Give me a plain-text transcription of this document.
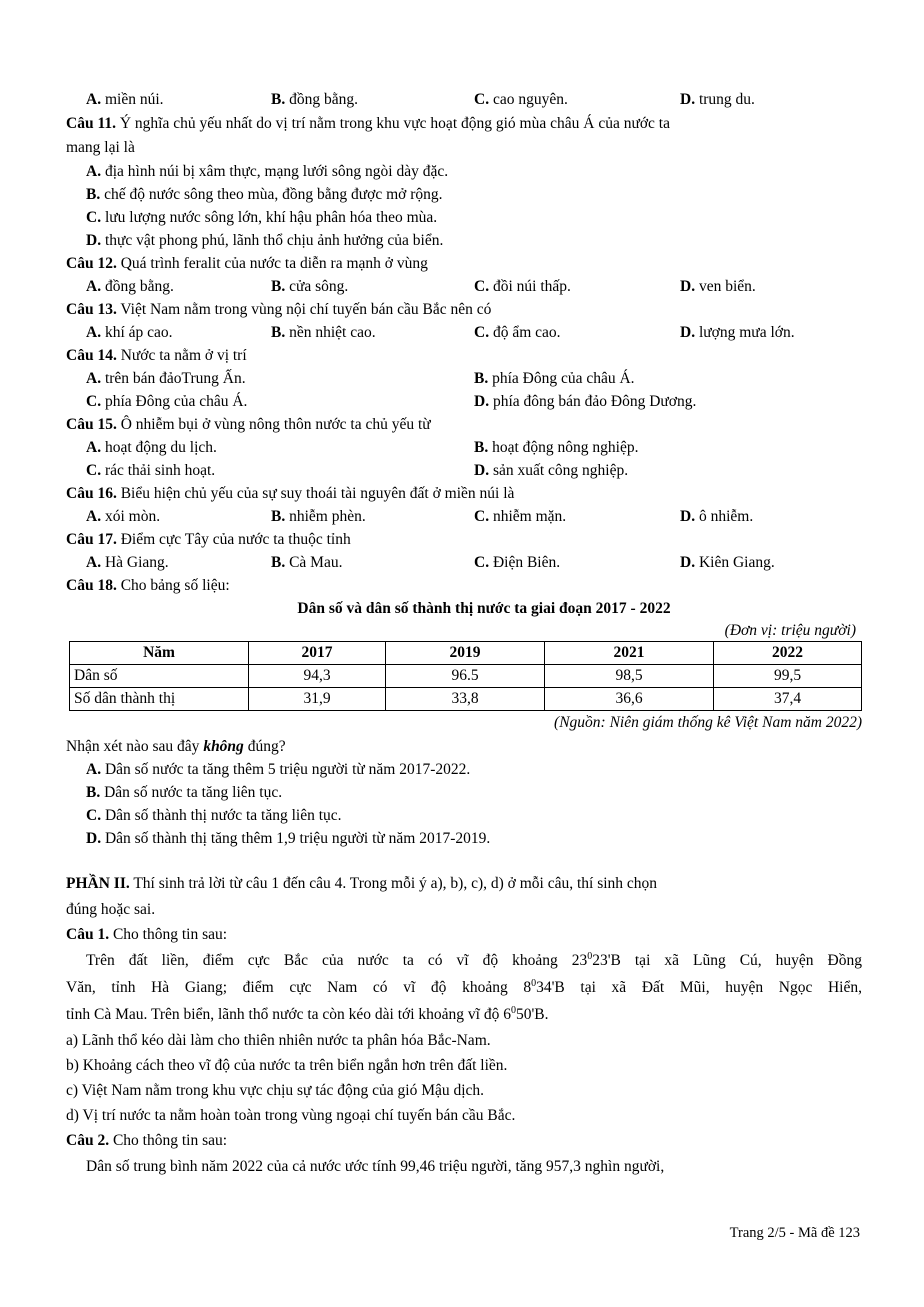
A. miền núi.	B. đồng bằng.	C. cao nguyên.	D. trung du.
Câu 11. Ý nghĩa chủ yếu nhất do vị trí nằm trong khu vực hoạt động gió mùa châu Á của nước ta
mang lại là
A. địa hình núi bị xâm thực, mạng lưới sông ngòi dày đặc.
B. chế độ nước sông theo mùa, đồng bằng được mở rộng.
C. lưu lượng nước sông lớn, khí hậu phân hóa theo mùa.
D. thực vật phong phú, lãnh thổ chịu ảnh hưởng của biển.
Câu 12. Quá trình feralit của nước ta diễn ra mạnh ở vùng
A. đồng bằng.	B. cửa sông.	C. đồi núi thấp.	D. ven biển.
Câu 13. Việt Nam nằm trong vùng nội chí tuyến bán cầu Bắc nên có
A. khí áp cao.	B. nền nhiệt cao.	C. độ ẩm cao.	D. lượng mưa lớn.
Câu 14. Nước ta nằm ở vị trí
A. trên bán đảoTrung Ấn.	B. phía Đông của châu Á.
C. phía Đông của châu Á.	D. phía đông bán đảo Đông Dương.
Câu 15. Ô nhiễm bụi ở vùng nông thôn nước ta chủ yếu từ
A. hoạt động du lịch.	B. hoạt động nông nghiệp.
C. rác thải sinh hoạt.	D. sản xuất công nghiệp.
Câu 16. Biểu hiện chủ yếu của sự suy thoái tài nguyên đất ở miền núi là
A. xói mòn.	B. nhiễm phèn.	C. nhiễm mặn.	D. ô nhiễm.
Câu 17. Điểm cực Tây của nước ta thuộc tỉnh
A. Hà Giang.	B. Cà Mau.	C. Điện Biên.	D. Kiên Giang.
Câu 18. Cho bảng số liệu:
Dân số và dân số thành thị nước ta giai đoạn 2017 - 2022
(Đơn vị: triệu người)
Năm	2017	2019	2021	2022
Dân số	94,3	96.5	98,5	99,5
Số dân thành thị	31,9	33,8	36,6	37,4
(Nguồn: Niên giám thống kê Việt Nam năm 2022)
Nhận xét nào sau đây không đúng?
A. Dân số nước ta tăng thêm 5 triệu người từ năm 2017-2022.
B. Dân số nước ta tăng liên tục.
C. Dân số thành thị nước ta tăng liên tục.
D. Dân số thành thị tăng thêm 1,9 triệu người từ năm 2017-2019.
PHẦN II. Thí sinh trả lời từ câu 1 đến câu 4. Trong mỗi ý a), b), c), d) ở mỗi câu, thí sinh chọn
đúng hoặc sai.
Câu 1. Cho thông tin sau:
Trên đất liền, điểm cực Bắc của nước ta có vĩ độ khoảng $23^023'B$ tại xã Lũng Cú, huyện Đồng
Văn, tỉnh Hà Giang; điểm cực Nam có vĩ độ khoảng $8^034'B$ tại xã Đất Mũi, huyện Ngọc Hiển,
tỉnh Cà Mau. Trên biển, lãnh thổ nước ta còn kéo dài tới khoảng vĩ độ $6^050'B$.
a) Lãnh thổ kéo dài làm cho thiên nhiên nước ta phân hóa Bắc-Nam.
b) Khoảng cách theo vĩ độ của nước ta trên biển ngắn hơn trên đất liền.
c) Việt Nam nằm trong khu vực chịu sự tác động của gió Mậu dịch.
d) Vị trí nước ta nằm hoàn toàn trong vùng ngoại chí tuyến bán cầu Bắc.
Câu 2. Cho thông tin sau:
Dân số trung bình năm 2022 của cả nước ước tính 99,46 triệu người, tăng 957,3 nghìn người,
Trang 2/5 - Mã đề 123
